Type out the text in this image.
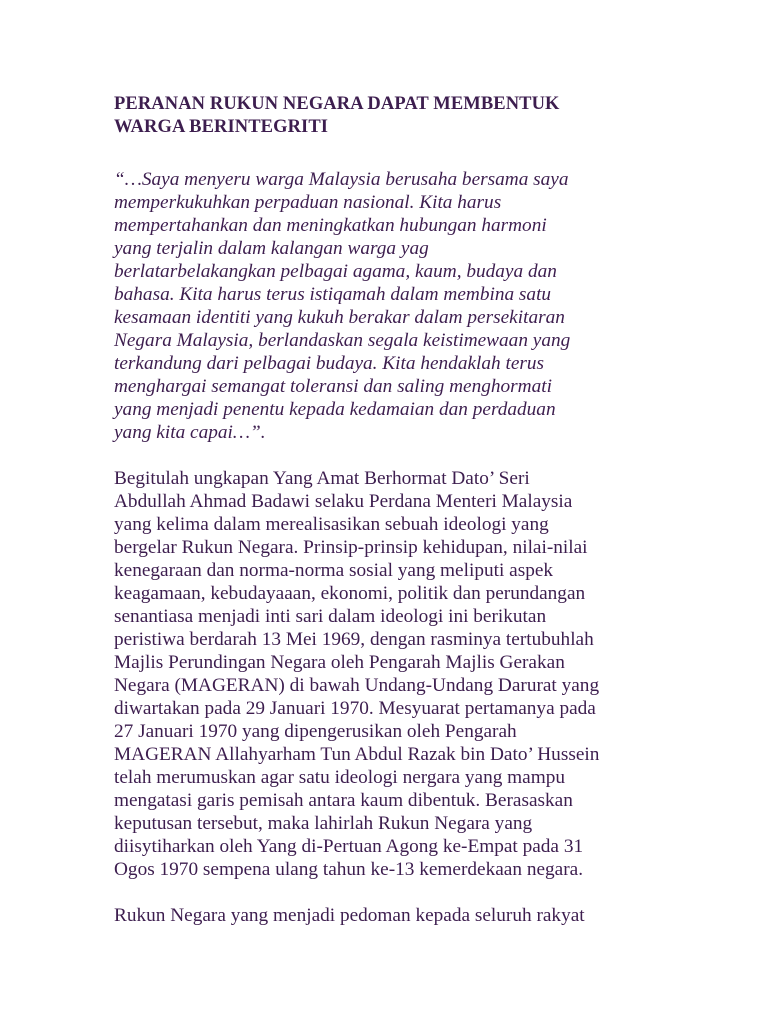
PERANAN RUKUN NEGARA DAPAT MEMBENTUK
WARGA BERINTEGRITI

“…Saya menyeru warga Malaysia berusaha bersama saya
memperkukuhkan perpaduan nasional. Kita harus
mempertahankan dan meningkatkan hubungan harmoni
yang terjalin dalam kalangan warga yag
berlatarbelakangkan pelbagai agama, kaum, budaya dan
bahasa. Kita harus terus istiqamah dalam membina satu
kesamaan identiti yang kukuh berakar dalam persekitaran
Negara Malaysia, berlandaskan segala keistimewaan yang
terkandung dari pelbagai budaya. Kita hendaklah terus
menghargai semangat toleransi dan saling menghormati
yang menjadi penentu kepada kedamaian dan perdaduan
yang kita capai…”.

Begitulah ungkapan Yang Amat Berhormat Dato’ Seri
Abdullah Ahmad Badawi selaku Perdana Menteri Malaysia
yang kelima dalam merealisasikan sebuah ideologi yang
bergelar Rukun Negara. Prinsip-prinsip kehidupan, nilai-nilai
kenegaraan dan norma-norma sosial yang meliputi aspek
keagamaan, kebudayaaan, ekonomi, politik dan perundangan
senantiasa menjadi inti sari dalam ideologi ini berikutan
peristiwa berdarah 13 Mei 1969, dengan rasminya tertubuhlah
Majlis Perundingan Negara oleh Pengarah Majlis Gerakan
Negara (MAGERAN) di bawah Undang-Undang Darurat yang
diwartakan pada 29 Januari 1970. Mesyuarat pertamanya pada
27 Januari 1970 yang dipengerusikan oleh Pengarah
MAGERAN Allahyarham Tun Abdul Razak bin Dato’ Hussein
telah merumuskan agar satu ideologi nergara yang mampu
mengatasi garis pemisah antara kaum dibentuk. Berasaskan
keputusan tersebut, maka lahirlah Rukun Negara yang
diisytiharkan oleh Yang di-Pertuan Agong ke-Empat pada 31
Ogos 1970 sempena ulang tahun ke-13 kemerdekaan negara.

Rukun Negara yang menjadi pedoman kepada seluruh rakyat
